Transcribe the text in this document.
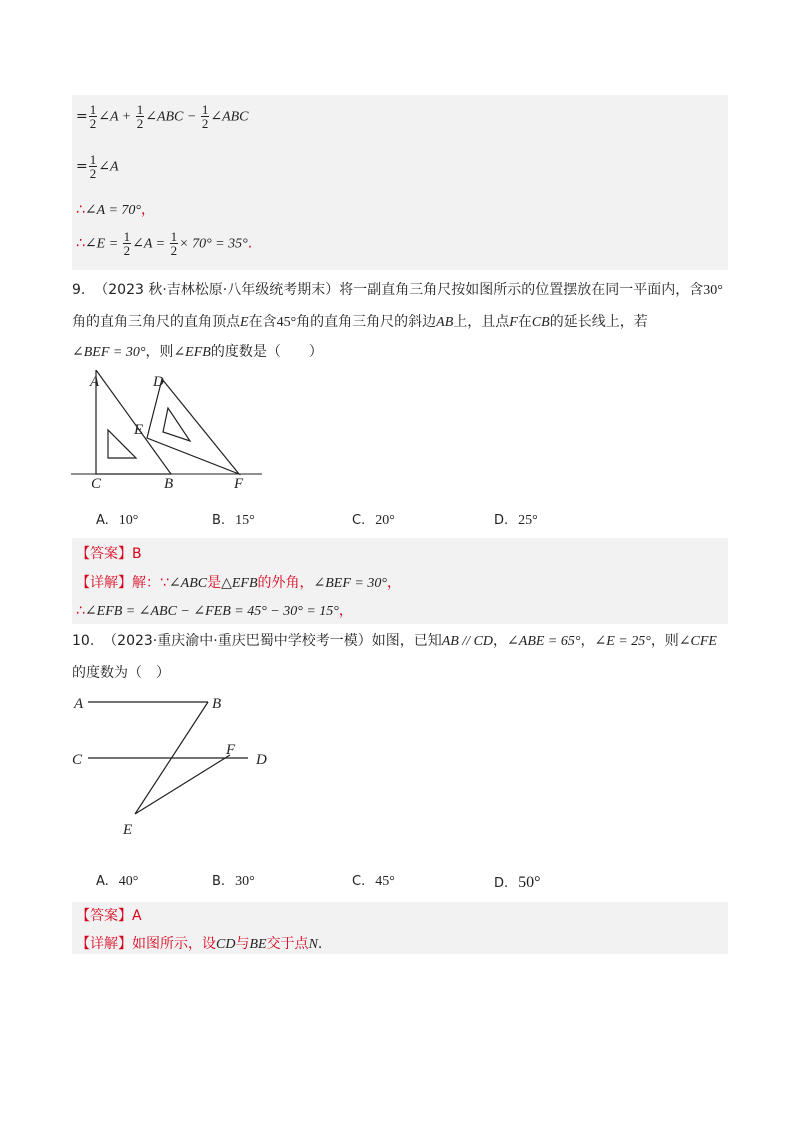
= $\frac{1}{2}$ ∠A + $\frac{1}{2}$ ∠ABC − $\frac{1}{2}$ ∠ABC
= $\frac{1}{2}$ ∠A
∴∠A = 70°，
∴∠E = $\frac{1}{2}$ ∠A = $\frac{1}{2} \times 70^\circ = 35^\circ$.
9. （2023 秋·吉林松原·八年级统考期末）将一副直角三角尺按如图所示的位置摆放在同一平面内，含30°
角的直角三角尺的直角顶点E在含45°角的直角三角尺的斜边AB上，且点F在CB的延长线上，若
∠BEF = 30°，则∠EFB的度数是（　　）
A	D
E
C	B	F
A. 10°	B. 15°	C. 20°	D. 25°
【答案】B
【详解】解：∵∠ABC是△EFB的外角，∠BEF = 30°，
∴∠EFB = ∠ABC − ∠FEB = 45° − 30° = 15°，
10. （2023·重庆渝中·重庆巴蜀中学校考一模）如图，已知AB // CD，∠ABE = 65°，∠E = 25°，则∠CFE
的度数为（　）
A	B
C
F
D
E
A. 40°	B. 30°	C. 45°	D. 50°
【答案】A
【详解】如图所示，设CD与BE交于点N.
